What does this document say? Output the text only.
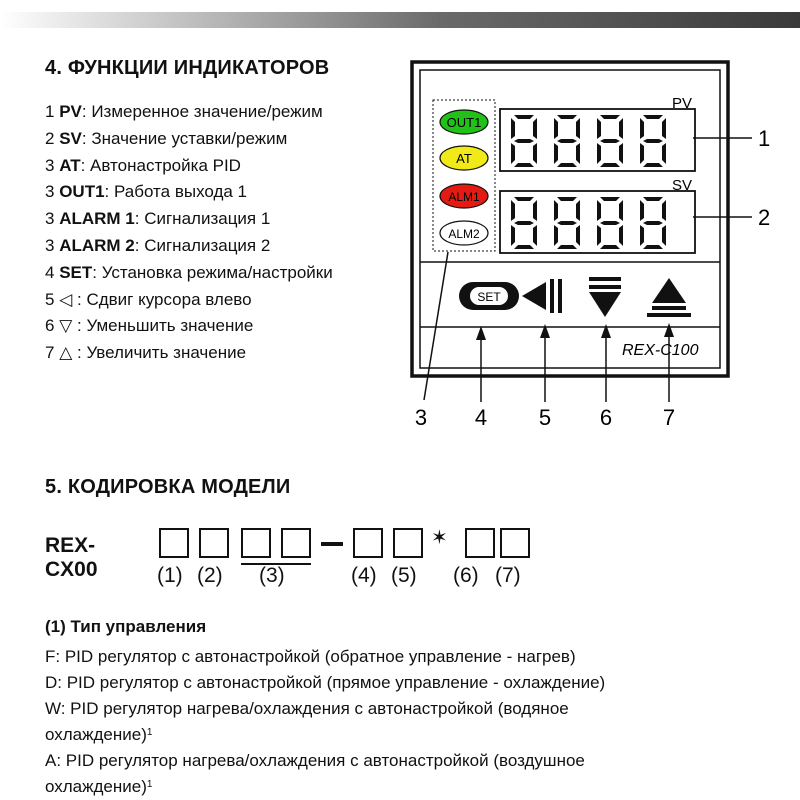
4. ФУНКЦИИ ИНДИКАТОРОВ
1 PV: Измеренное значение/режим
2 SV: Значение уставки/режим
3 AT: Автонастройка PID
3 OUT1: Работа выхода 1
3 ALARM 1: Сигнализация 1
3 ALARM 2: Сигнализация 2
4 SET: Установка режима/настройки
5 ◁ : Сдвиг курсора влево
6 ▽ : Уменьшить значение
7 △ : Увеличить значение
OUT1
AT
ALM1
ALM2
PV
SV
1
2
SET
REX-C100
3 4 5 6 7
5. КОДИРОВКА МОДЕЛИ
REX-CX00
✶
(1) (2) (3)	(4) (5) (6) (7)
(1) Тип управления
F: PID регулятор с автонастройкой (обратное управление - нагрев)
D: PID регулятор с автонастройкой (прямое управление - охлаждение)
W: PID регулятор нагрева/охлаждения с автонастройкой (водяное
охлаждение)$^1$
A: PID регулятор нагрева/охлаждения с автонастройкой (воздушное
охлаждение)$^1$
